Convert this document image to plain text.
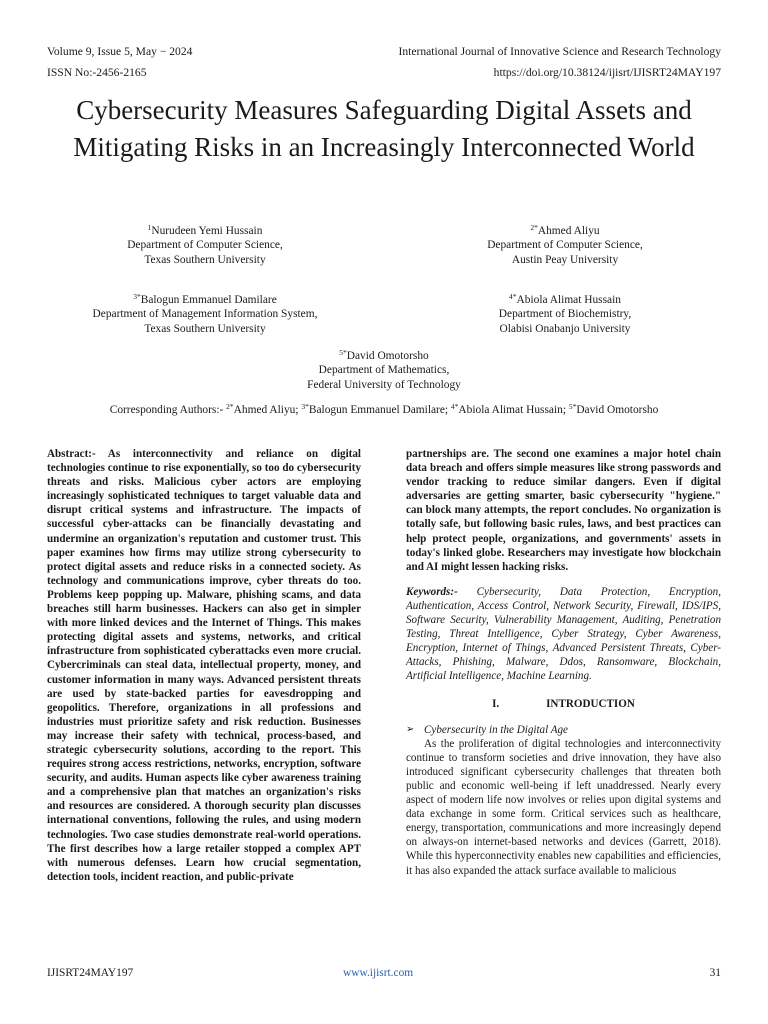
Volume 9, Issue 5, May − 2024	International Journal of Innovative Science and Research Technology
ISSN No:-2456-2165	https://doi.org/10.38124/ijisrt/IJISRT24MAY197
Cybersecurity Measures Safeguarding Digital Assets and Mitigating Risks in an Increasingly Interconnected World
$^1$Nurudeen Yemi Hussain
Department of Computer Science,
Texas Southern University
$^{2*}$Ahmed Aliyu
Department of Computer Science,
Austin Peay University
$^{3*}$Balogun Emmanuel Damilare
Department of Management Information System,
Texas Southern University
$^{4*}$Abiola Alimat Hussain
Department of Biochemistry,
Olabisi Onabanjo University
$^{5*}$David Omotorsho
Department of Mathematics,
Federal University of Technology
Corresponding Authors:- $^{2*}$Ahmed Aliyu; $^{3*}$Balogun Emmanuel Damilare; $^{4*}$Abiola Alimat Hussain; $^{5*}$David Omotorsho

Abstract:- As interconnectivity and reliance on digital technologies continue to rise exponentially, so too do cybersecurity threats and risks. Malicious cyber actors are employing increasingly sophisticated techniques to target valuable data and disrupt critical systems and infrastructure. The impacts of successful cyber-attacks can be financially devastating and undermine an organization's reputation and customer trust. This paper examines how firms may utilize strong cybersecurity to protect digital assets and reduce risks in a connected society. As technology and communications improve, cyber threats do too. Problems keep popping up. Malware, phishing scams, and data breaches still harm businesses. Hackers can also get in simpler with more linked devices and the Internet of Things. This makes protecting digital assets and systems, networks, and critical infrastructure from sophisticated cyberattacks even more crucial. Cybercriminals can steal data, intellectual property, money, and customer information in many ways. Advanced persistent threats are used by state-backed parties for eavesdropping and geopolitics. Therefore, organizations in all professions and industries must prioritize safety and risk reduction. Businesses may increase their safety with technical, process-based, and strategic cybersecurity solutions, according to the report. This requires strong access restrictions, networks, encryption, software security, and audits. Human aspects like cyber awareness training and a comprehensive plan that matches an organization's risks and resources are considered. A thorough security plan discusses international conventions, following the rules, and using modern technologies. Two case studies demonstrate real-world operations. The first describes how a large retailer stopped a complex APT with numerous defenses. Learn how crucial segmentation, detection tools, incident reaction, and public-private

partnerships are. The second one examines a major hotel chain data breach and offers simple measures like strong passwords and vendor tracking to reduce similar dangers. Even if digital adversaries are getting smarter, basic cybersecurity "hygiene." can block many attempts, the report concludes. No organization is totally safe, but following basic rules, laws, and best practices can help protect people, organizations, and governments' assets in today's linked globe. Researchers may investigate how blockchain and AI might lessen hacking risks.

Keywords:- Cybersecurity, Data Protection, Encryption, Authentication, Access Control, Network Security, Firewall, IDS/IPS, Software Security, Vulnerability Management, Auditing, Penetration Testing, Threat Intelligence, Cyber Strategy, Cyber Awareness, Encryption, Internet of Things, Advanced Persistent Threats, Cyber-Attacks, Phishing, Malware, Ddos, Ransomware, Blockchain, Artificial Intelligence, Machine Learning.

I.	INTRODUCTION
➢ Cybersecurity in the Digital Age

As the proliferation of digital technologies and interconnectivity continue to transform societies and drive innovation, they have also introduced significant cybersecurity challenges that threaten both public and economic well-being if left unaddressed. Nearly every aspect of modern life now involves or relies upon digital systems and data exchange in some form. Critical services such as healthcare, energy, transportation, communications and more increasingly depend on always-on internet-based networks and devices (Garrett, 2018). While this hyperconnectivity enables new capabilities and efficiencies, it has also expanded the attack surface available to malicious

IJISRT24MAY197	www.ijisrt.com	31
